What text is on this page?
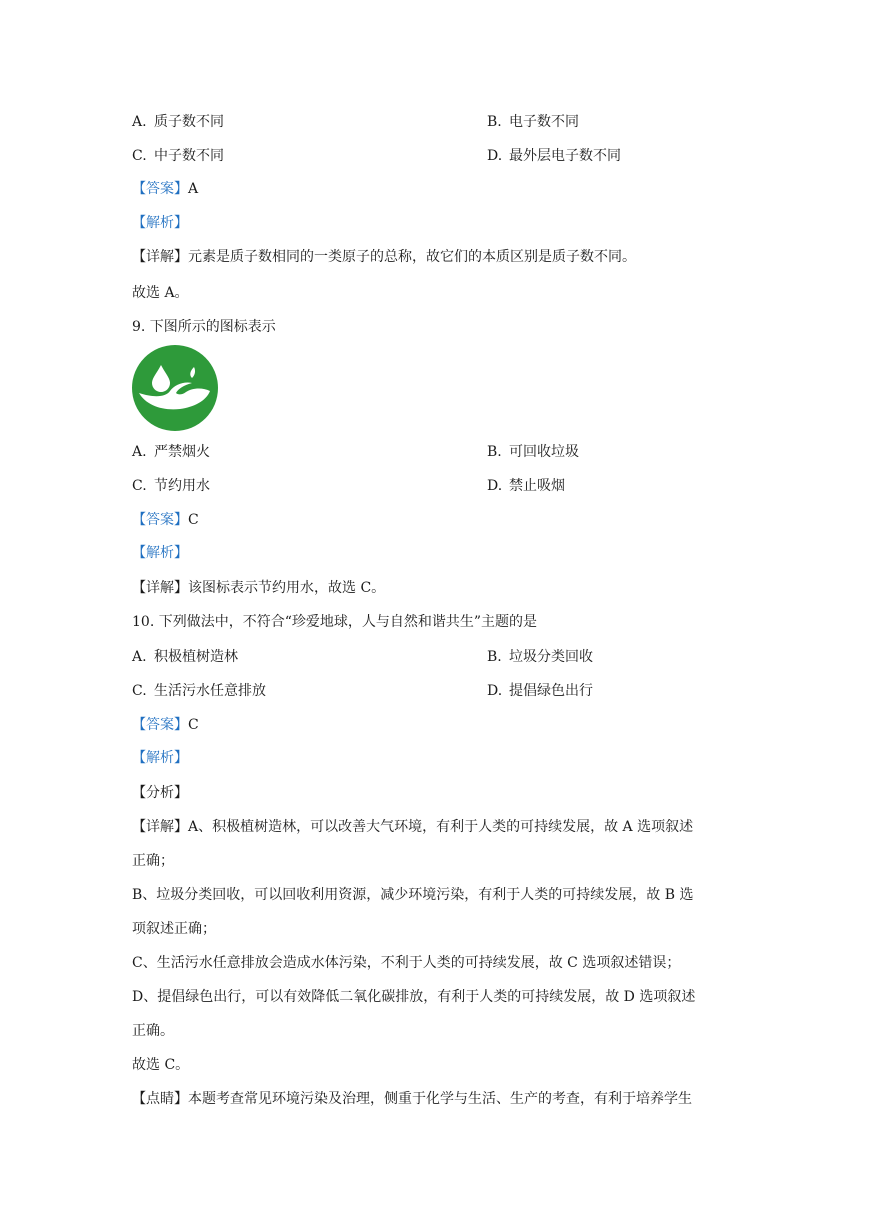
A. 质子数不同	B. 电子数不同
C. 中子数不同	D. 最外层电子数不同
【答案】A
【解析】
【详解】元素是质子数相同的一类原子的总称，故它们的本质区别是质子数不同。
故选 A。
9. 下图所示的图标表示
A. 严禁烟火	B. 可回收垃圾
C. 节约用水	D. 禁止吸烟
【答案】C
【解析】
【详解】该图标表示节约用水，故选 C。
10. 下列做法中，不符合“珍爱地球，人与自然和谐共生”主题的是
A. 积极植树造林	B. 垃圾分类回收
C. 生活污水任意排放	D. 提倡绿色出行
【答案】C
【解析】
【分析】
【详解】A、积极植树造林，可以改善大气环境，有利于人类的可持续发展，故 A 选项叙述
正确；
B、垃圾分类回收，可以回收利用资源，减少环境污染，有利于人类的可持续发展，故 B 选
项叙述正确；
C、生活污水任意排放会造成水体污染，不利于人类的可持续发展，故 C 选项叙述错误；
D、提倡绿色出行，可以有效降低二氧化碳排放，有利于人类的可持续发展，故 D 选项叙述
正确。
故选 C。
【点睛】本题考查常见环境污染及治理，侧重于化学与生活、生产的考查，有利于培养学生
